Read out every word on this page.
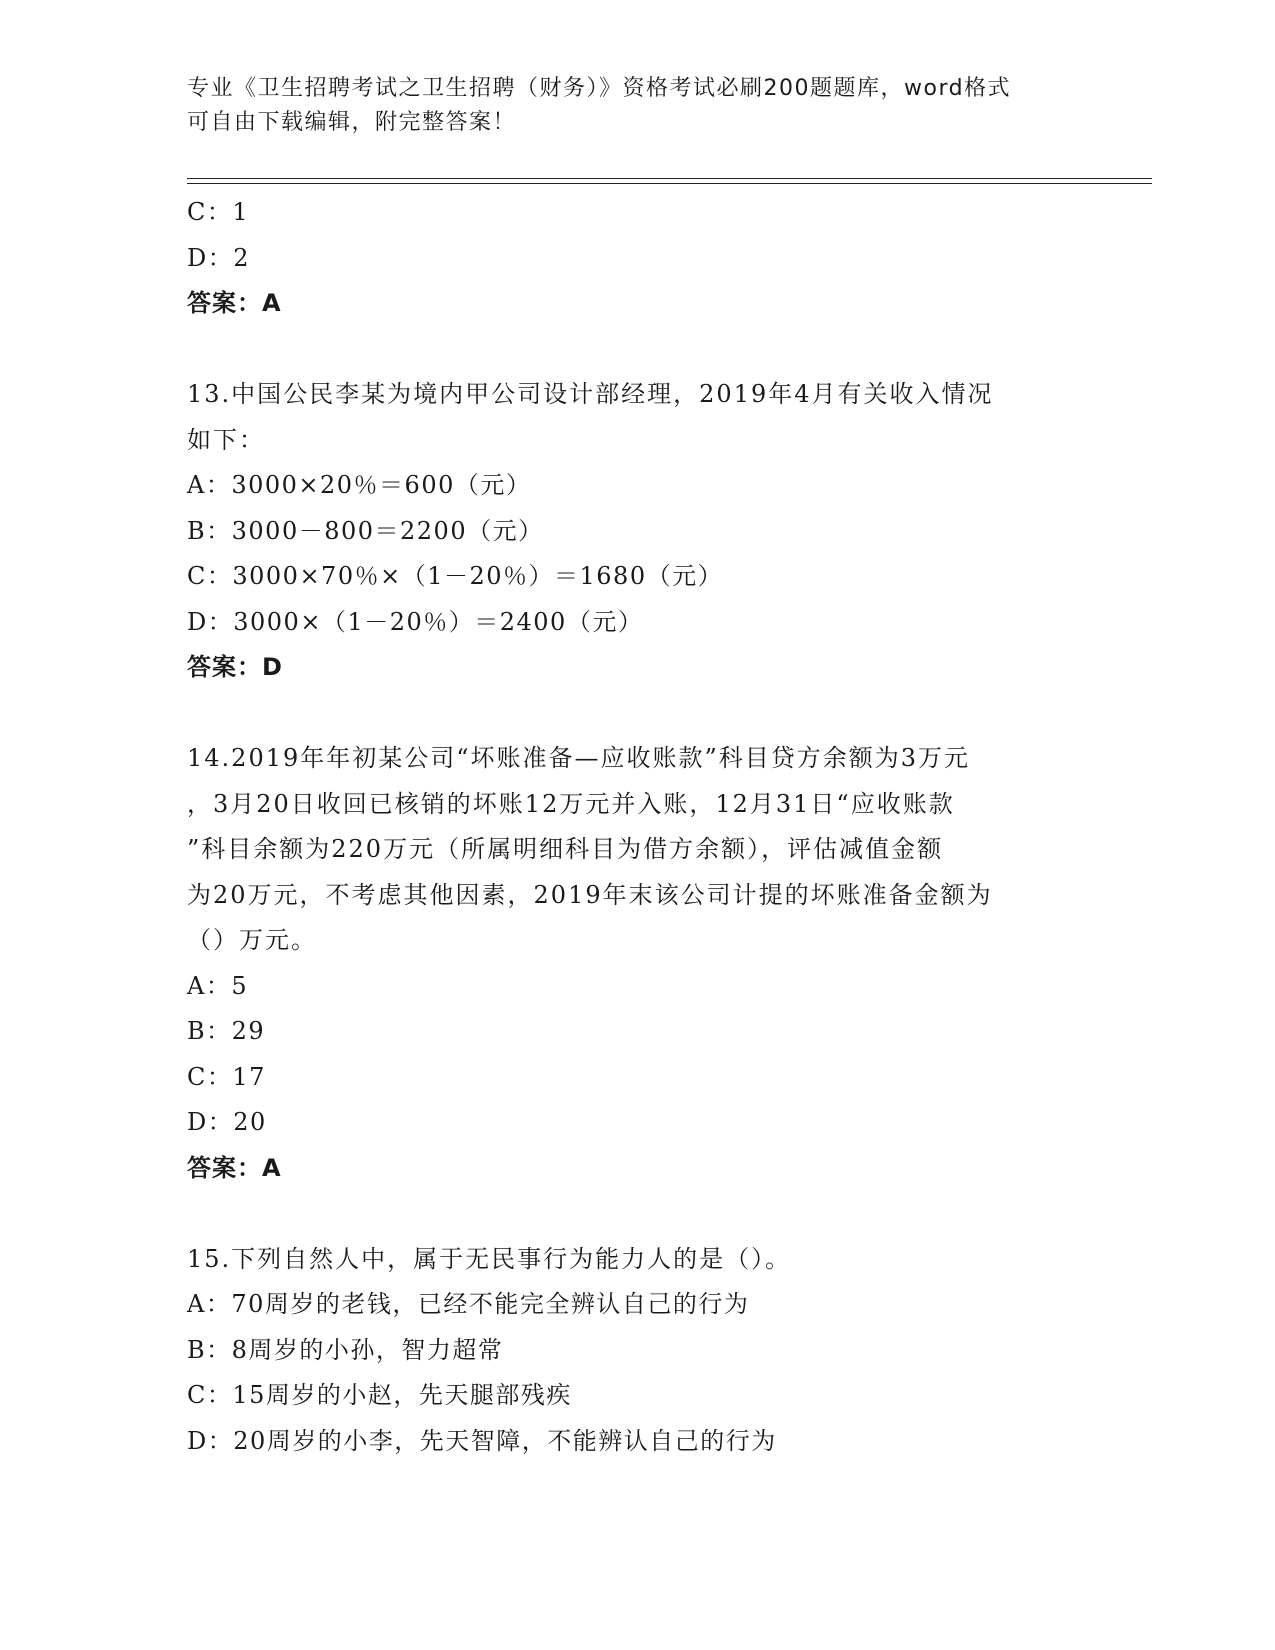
专业《卫生招聘考试之卫生招聘（财务）》资格考试必刷200题题库，word格式
可自由下载编辑，附完整答案！
C：1
D：2
答案：A
13.中国公民李某为境内甲公司设计部经理，2019年4月有关收入情况
如下：
A：3000×20％＝600（元）
B：3000－800＝2200（元）
C：3000×70％×（1－20％）＝1680（元）
D：3000×（1－20％）＝2400（元）
答案：D
14.2019年年初某公司“坏账准备—应收账款”科目贷方余额为3万元
，3月20日收回已核销的坏账12万元并入账，12月31日“应收账款
”科目余额为220万元（所属明细科目为借方余额），评估减值金额
为20万元，不考虑其他因素，2019年末该公司计提的坏账准备金额为
（）万元。
A：5
B：29
C：17
D：20
答案：A
15.下列自然人中，属于无民事行为能力人的是（）。
A：70周岁的老钱，已经不能完全辨认自己的行为
B：8周岁的小孙，智力超常
C：15周岁的小赵，先天腿部残疾
D：20周岁的小李，先天智障，不能辨认自己的行为
